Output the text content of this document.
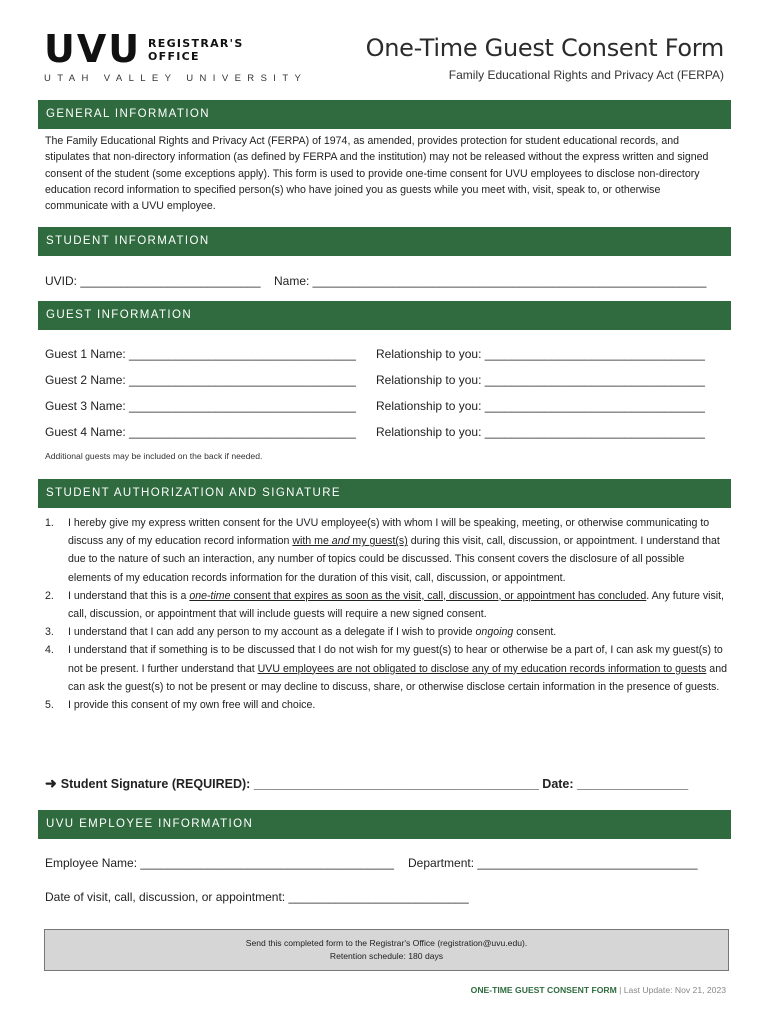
UVU REGISTRAR'S
OFFICE
UTAH VALLEY UNIVERSITY
One-Time Guest Consent Form
Family Educational Rights and Privacy Act (FERPA)
GENERAL INFORMATION
The Family Educational Rights and Privacy Act (FERPA) of 1974, as amended, provides protection for student educational records, and stipulates that non-directory information (as defined by FERPA and the institution) may not be released without the express written and signed consent of the student (some exceptions apply). This form is used to provide one-time consent for UVU employees to disclose non-directory education record information to specified person(s) who have joined you as guests while you meet with, visit, speak to, or otherwise communicate with a UVU employee.
STUDENT INFORMATION
UVID: ___________________________ Name: ___________________________________________________________
GUEST INFORMATION
Guest 1 Name: __________________________________ Relationship to you: _________________________________
Guest 2 Name: __________________________________ Relationship to you: _________________________________
Guest 3 Name: __________________________________ Relationship to you: _________________________________
Guest 4 Name: __________________________________ Relationship to you: _________________________________
Additional guests may be included on the back if needed.
STUDENT AUTHORIZATION AND SIGNATURE
1. I hereby give my express written consent for the UVU employee(s) with whom I will be speaking, meeting, or otherwise communicating to discuss any of my education record information with me and my guest(s) during this visit, call, discussion, or appointment. I understand that due to the nature of such an interaction, any number of topics could be discussed. This consent covers the disclosure of all possible elements of my education records information for the duration of this visit, call, discussion, or appointment.
2. I understand that this is a one-time consent that expires as soon as the visit, call, discussion, or appointment has concluded. Any future visit, call, discussion, or appointment that will include guests will require a new signed consent.
3. I understand that I can add any person to my account as a delegate if I wish to provide ongoing consent.
4. I understand that if something is to be discussed that I do not wish for my guest(s) to hear or otherwise be a part of, I can ask my guest(s) to not be present. I further understand that UVU employees are not obligated to disclose any of my education records information to guests and can ask the guest(s) to not be present or may decline to discuss, share, or otherwise disclose certain information in the presence of guests.
5. I provide this consent of my own free will and choice.
➜ Student Signature (REQUIRED): _________________________________________ Date: ________________
UVU EMPLOYEE INFORMATION
Employee Name: ______________________________________ Department: _________________________________
Date of visit, call, discussion, or appointment: ___________________________
Send this completed form to the Registrar's Office (registration@uvu.edu).
Retention schedule: 180 days
ONE-TIME GUEST CONSENT FORM | Last Update: Nov 21, 2023
